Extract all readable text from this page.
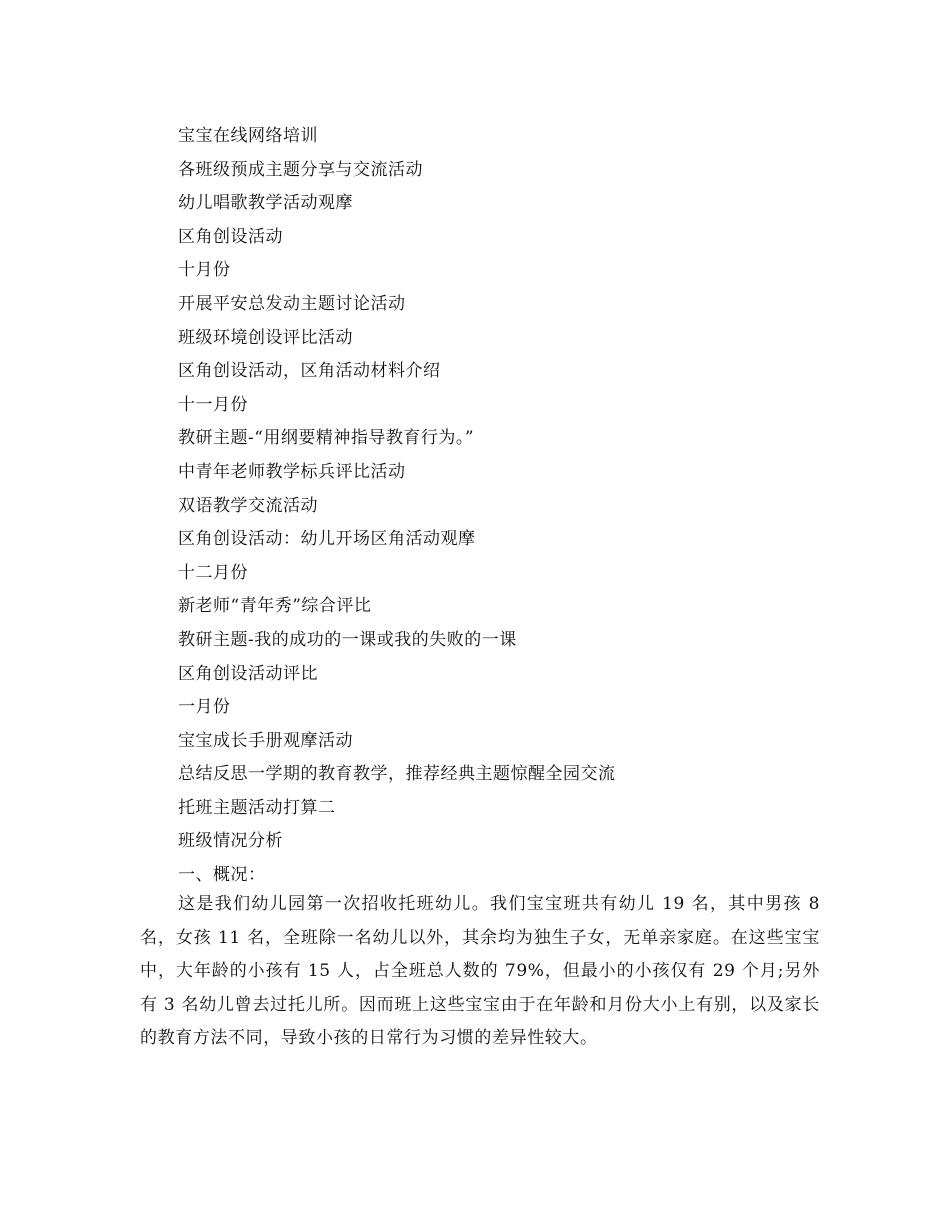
宝宝在线网络培训
各班级预成主题分享与交流活动
幼儿唱歌教学活动观摩
区角创设活动
十月份
开展平安总发动主题讨论活动
班级环境创设评比活动
区角创设活动，区角活动材料介绍
十一月份
教研主题-“用纲要精神指导教育行为。”
中青年老师教学标兵评比活动
双语教学交流活动
区角创设活动：幼儿开场区角活动观摩
十二月份
新老师“青年秀”综合评比
教研主题-我的成功的一课或我的失败的一课
区角创设活动评比
一月份
宝宝成长手册观摩活动
总结反思一学期的教育教学，推荐经典主题惊醒全园交流
托班主题活动打算二
班级情况分析
一、概况：

这是我们幼儿园第一次招收托班幼儿。我们宝宝班共有幼儿 19 名，其中男孩 8 名，女孩 11 名，全班除一名幼儿以外，其余均为独生子女，无单亲家庭。在这些宝宝中，大年龄的小孩有 15 人，占全班总人数的 79%，但最小的小孩仅有 29 个月;另外有 3 名幼儿曾去过托儿所。因而班上这些宝宝由于在年龄和月份大小上有别，以及家长的教育方法不同，导致小孩的日常行为习惯的差异性较大。
